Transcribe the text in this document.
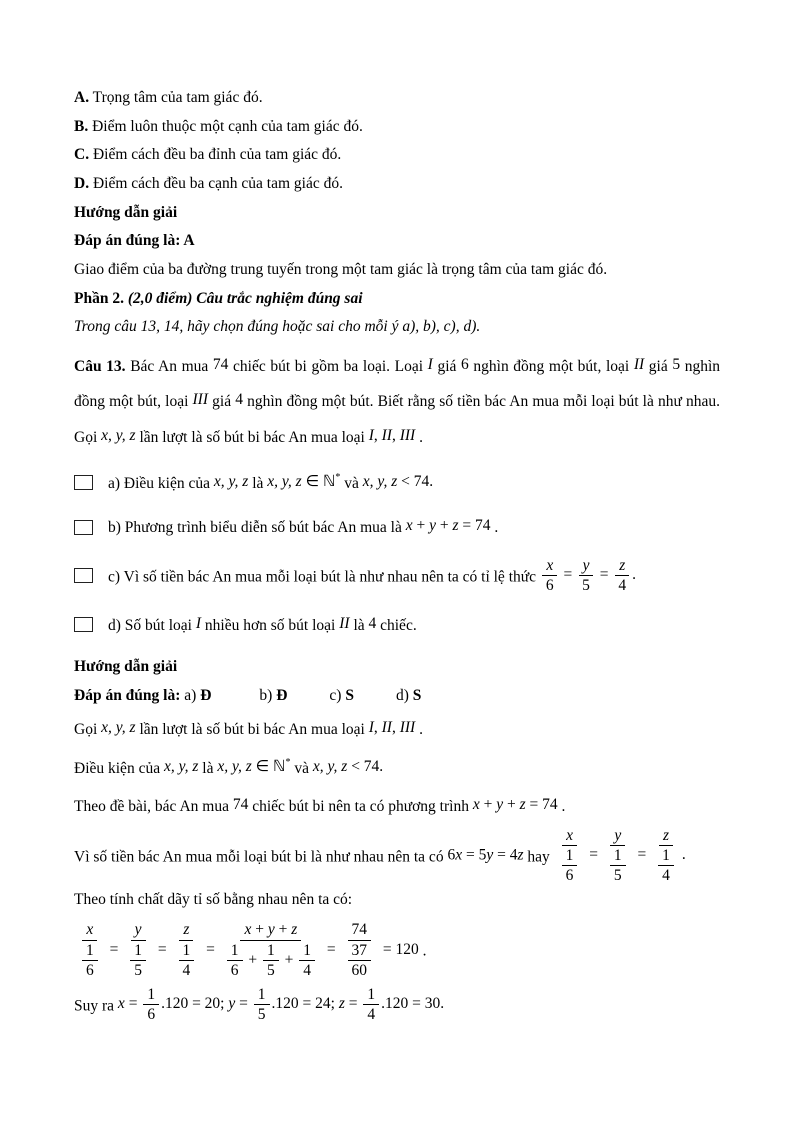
A. Trọng tâm của tam giác đó.

B. Điểm luôn thuộc một cạnh của tam giác đó.

C. Điểm cách đều ba đỉnh của tam giác đó.

D. Điểm cách đều ba cạnh của tam giác đó.

Hướng dẫn giải

Đáp án đúng là: A

Giao điểm của ba đường trung tuyến trong một tam giác là trọng tâm của tam giác đó.

Phần 2. (2,0 điểm) Câu trắc nghiệm đúng sai

Trong câu 13, 14, hãy chọn đúng hoặc sai cho mỗi ý a), b), c), d).

Câu 13. Bác An mua 74 chiếc bút bi gồm ba loại. Loại I giá 6 nghìn đồng một bút, loại II giá 5 nghìn đồng một bút, loại III giá 4 nghìn đồng một bút. Biết rằng số tiền bác An mua mỗi loại bút là như nhau. Gọi x, y, z lần lượt là số bút bi bác An mua loại I, II, III .

a) Điều kiện của x, y, z là x, y, z ∈ ℕ* và x, y, z < 74.
b) Phương trình biểu diễn số bút bác An mua là x + y + z = 74 .
c) Vì số tiền bác An mua mỗi loại bút là như nhau nên ta có tỉ lệ thức $\frac{x}{6} = \frac{y}{5} = \frac{z}{4}$ .
d) Số bút loại I nhiều hơn số bút loại II là 4 chiếc.

Hướng dẫn giải

Đáp án đúng là: a) Đ	b) Đ	c) S	d) S

Gọi x, y, z lần lượt là số bút bi bác An mua loại I, II, III .

Điều kiện của x, y, z là x, y, z ∈ ℕ* và x, y, z < 74.

Theo đề bài, bác An mua 74 chiếc bút bi nên ta có phương trình x + y + z = 74 .

Vì số tiền bác An mua mỗi loại bút bi là như nhau nên ta có 6x = 5y = 4z hay $\frac{x}{\frac{1}{6}} = \frac{y}{\frac{1}{5}} = \frac{z}{\frac{1}{4}}$ .

Theo tính chất dãy tỉ số bằng nhau nên ta có:

$\frac{x}{\frac{1}{6}} = \frac{y}{\frac{1}{5}} = \frac{z}{\frac{1}{4}} = \frac{x + y + z}{\frac{1}{6} + \frac{1}{5} + \frac{1}{4}} = \frac{74}{\frac{37}{60}} = 120$ .

Suy ra $x = \frac{1}{6} .120 = 20$; $y = \frac{1}{5} .120 = 24$; $z = \frac{1}{4} .120 = 30$.
